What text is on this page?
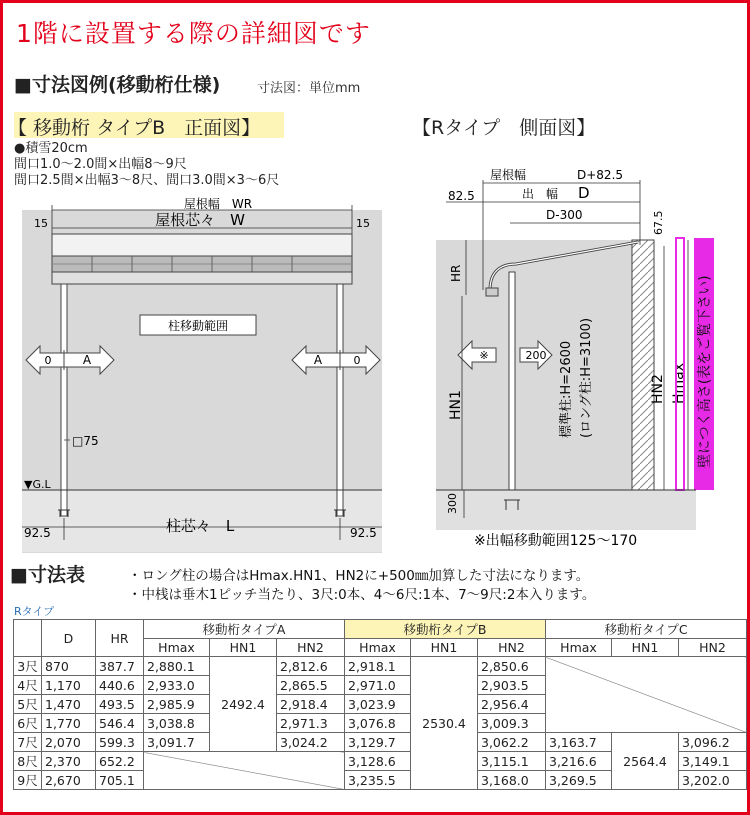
1階に設置する際の詳細図です
■寸法図例(移動桁仕様)	寸法図：単位mm
【 移動桁 タイプB　正面図】	【Rタイプ　側面図】
●積雪20cm
間口1.0〜2.0間×出幅8〜9尺
間口2.5間×出幅3〜8尺、間口3.0間×3〜6尺
屋根幅　WR
屋根芯々　W
15	15
柱移動範囲
0	A	A	0
□75
▼G.L
92.5	92.5
柱芯々　L
屋根幅	D+82.5
82.5	出　幅 D
D-300	67.5
HR
※	200 標準柱:H=2600 (ロング柱:H=3100)
HN1
HN2 Hmax 壁につく高さ(表をご覧下さい)
300
※出幅移動範囲125〜170
■寸法表	・ロング柱の場合はHmax.HN1、HN2に+500㎜加算した寸法になります。
・中桟は垂木1ピッチ当たり、3尺:0本、4〜6尺:1本、7〜9尺:2本入ります。
Rタイプ
	D	HR	移動桁タイプA			移動桁タイプB			移動桁タイプC		
			Hmax	HN1	HN2	Hmax	HN1	HN2	Hmax	HN1	HN2
3尺	870	387.7	2,880.1	2492.4	2,812.6	2,918.1	2530.4	2,850.6			
4尺	1,170	440.6	2,933.0		2,865.5	2,971.0		2,903.5			
5尺	1,470	493.5	2,985.9		2,918.4	3,023.9		2,956.4			
6尺	1,770	546.4	3,038.8		2,971.3	3,076.8		3,009.3			
7尺	2,070	599.3	3,091.7		3,024.2	3,129.7		3,062.2	3,163.7	2564.4	3,096.2
8尺	2,370	652.2				3,128.6		3,115.1	3,216.6		3,149.1
9尺	2,670	705.1				3,235.5		3,168.0	3,269.5		3,202.0
